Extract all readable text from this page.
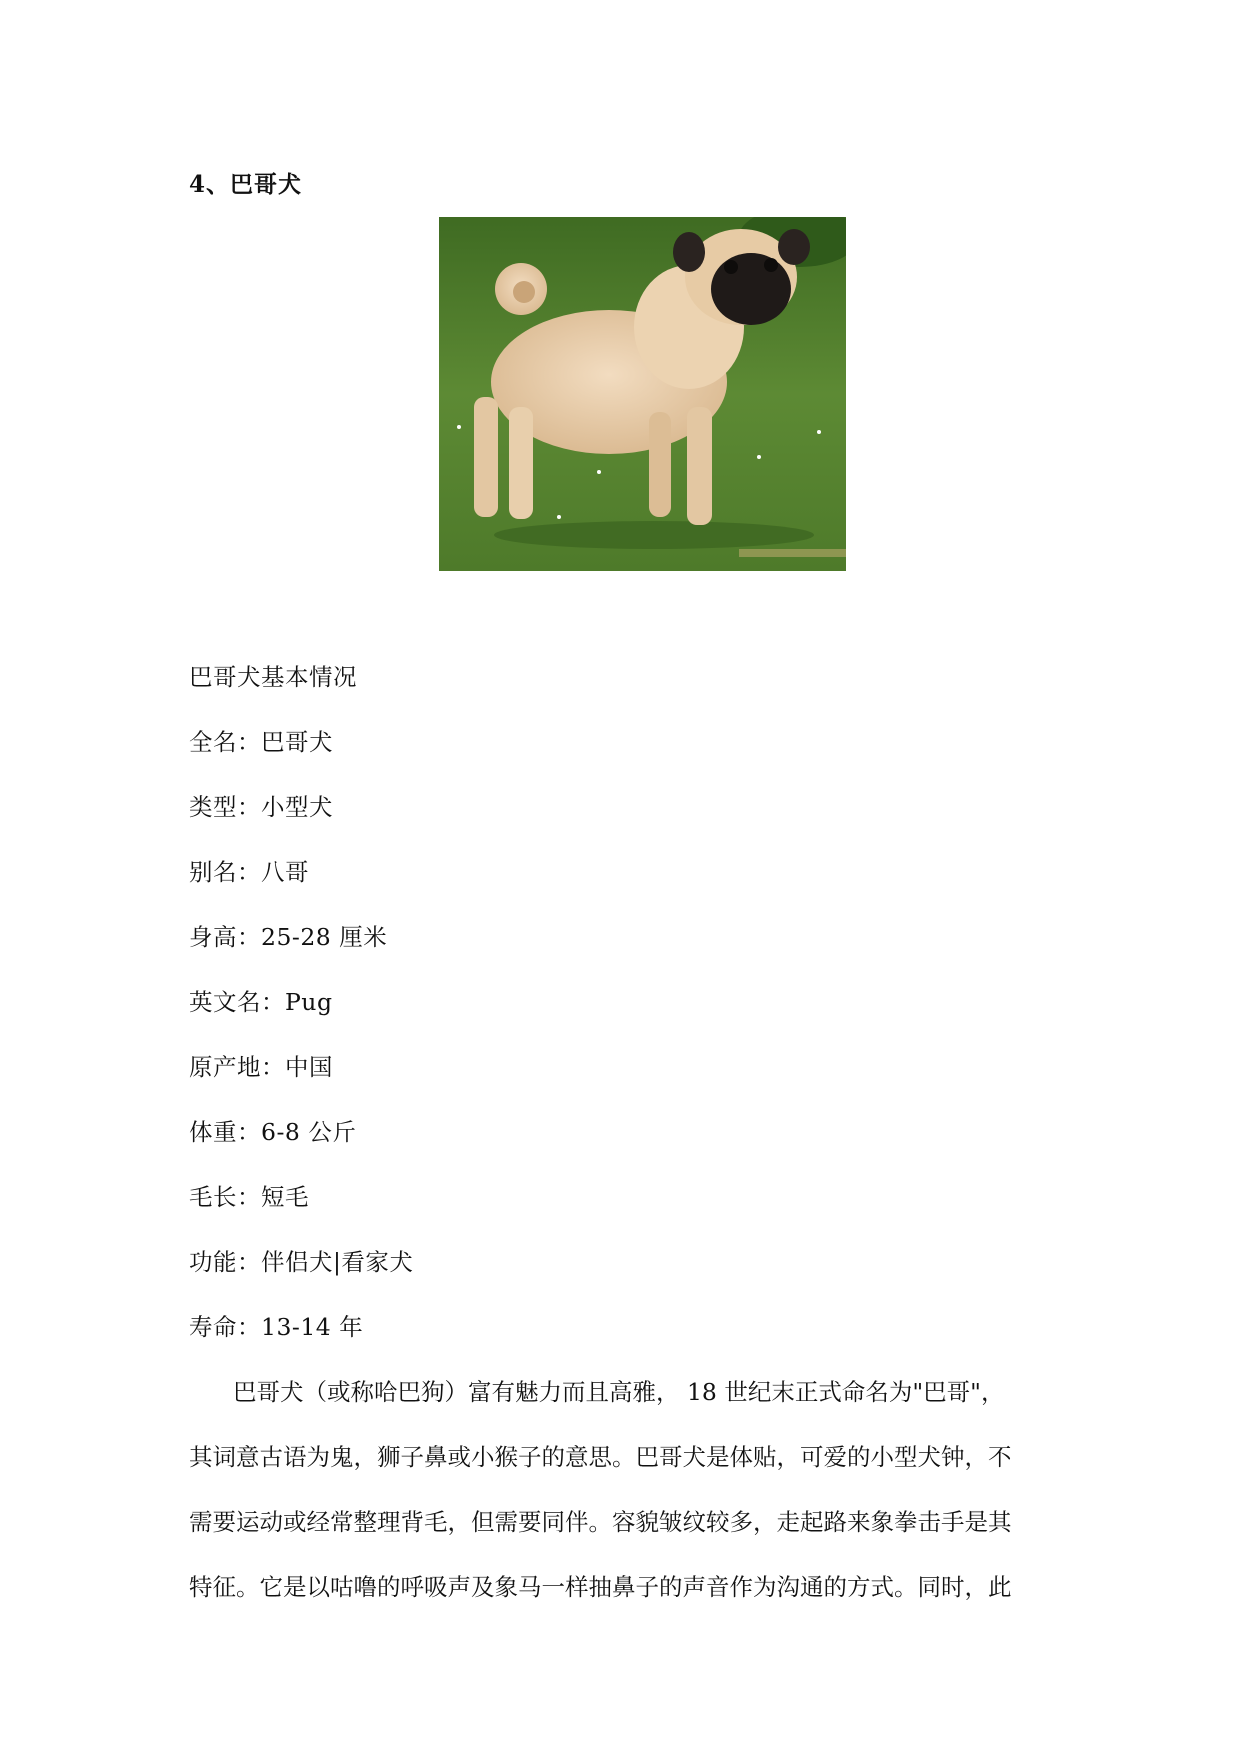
4、巴哥犬
巴哥犬基本情况
全名：巴哥犬
类型：小型犬
别名：八哥
身高：25-28 厘米
英文名：Pug
原产地：中国
体重：6-8 公斤
毛长：短毛
功能：伴侣犬|看家犬
寿命：13-14 年
巴哥犬（或称哈巴狗）富有魅力而且高雅， 18 世纪末正式命名为"巴哥"，
其词意古语为鬼，狮子鼻或小猴子的意思。巴哥犬是体贴，可爱的小型犬钟，不
需要运动或经常整理背毛，但需要同伴。容貌皱纹较多，走起路来象拳击手是其
特征。它是以咕噜的呼吸声及象马一样抽鼻子的声音作为沟通的方式。同时，此
